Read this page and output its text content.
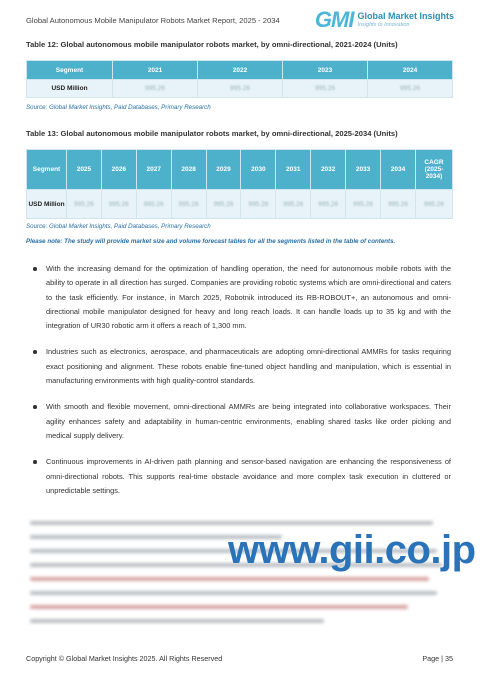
Global Autonomous Mobile Manipulator Robots Market Report, 2025 - 2034 GMI Global Market Insights
Insights to Innovation
Table 12: Global autonomous mobile manipulator robots market, by omni-directional, 2021-2024 (Units)
Segment	2021	2022	2023	2024
USD Million	995.26	995.26	995.26	995.26
Source: Global Market Insights, Paid Databases, Primary Research
Table 13: Global autonomous mobile manipulator robots market, by omni-directional, 2025-2034 (Units)
Segment	2025	2026	2027	2028	2029	2030	2031	2032	2033	2034	CAGR (2025-2034)
USD Million	995.26	995.26	995.26	995.26	995.26	995.26	995.26	995.26	995.26	995.26	995.26
Source: Global Market Insights, Paid Databases, Primary Research
Please note: The study will provide market size and volume forecast tables for all the segments listed in the table of contents.
With the increasing demand for the optimization of handling operation, the need for autonomous mobile robots with the ability to operate in all direction has surged. Companies are providing robotic systems which are omni-directional and caters to the task efficiently. For instance, in March 2025, Robotnik introduced its RB-ROBOUT+, an autonomous and omni-directional mobile manipulator designed for heavy and long reach loads. It can handle loads up to 35 kg and with the integration of UR30 robotic arm it offers a reach of 1,300 mm.
Industries such as electronics, aerospace, and pharmaceuticals are adopting omni-directional AMMRs for tasks requiring exact positioning and alignment. These robots enable fine-tuned object handling and manipulation, which is essential in manufacturing environments with high quality-control standards.
With smooth and flexible movement, omni-directional AMMRs are being integrated into collaborative workspaces. Their agility enhances safety and adaptability in human-centric environments, enabling shared tasks like order picking and medical supply delivery.
Continuous improvements in AI-driven path planning and sensor-based navigation are enhancing the responsiveness of omni-directional robots. This supports real-time obstacle avoidance and more complex task execution in cluttered or unpredictable settings.
www.gii.co.jp
Copyright © Global Market Insights 2025. All Rights Reserved	Page | 35
